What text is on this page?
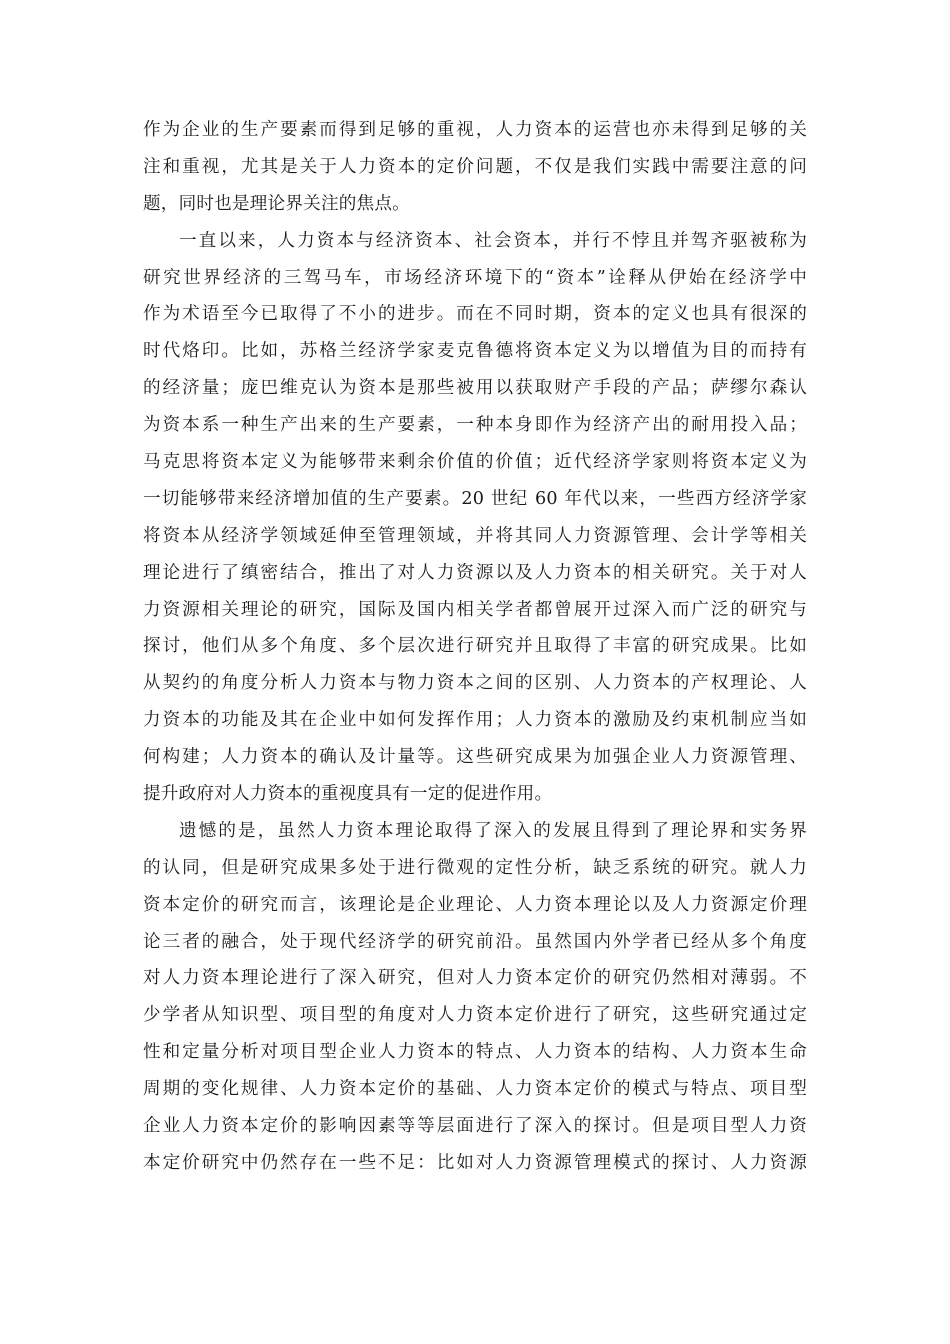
作为企业的生产要素而得到足够的重视，人力资本的运营也亦未得到足够的关
注和重视，尤其是关于人力资本的定价问题，不仅是我们实践中需要注意的问
题，同时也是理论界关注的焦点。
一直以来，人力资本与经济资本、社会资本，并行不悖且并驾齐驱被称为
研究世界经济的三驾马车，市场经济环境下的“资本”诠释从伊始在经济学中
作为术语至今已取得了不小的进步。而在不同时期，资本的定义也具有很深的
时代烙印。比如，苏格兰经济学家麦克鲁德将资本定义为以增值为目的而持有
的经济量；庞巴维克认为资本是那些被用以获取财产手段的产品；萨缪尔森认
为资本系一种生产出来的生产要素，一种本身即作为经济产出的耐用投入品；
马克思将资本定义为能够带来剩余价值的价值；近代经济学家则将资本定义为
一切能够带来经济增加值的生产要素。20 世纪 60 年代以来，一些西方经济学家
将资本从经济学领域延伸至管理领域，并将其同人力资源管理、会计学等相关
理论进行了缜密结合，推出了对人力资源以及人力资本的相关研究。关于对人
力资源相关理论的研究，国际及国内相关学者都曾展开过深入而广泛的研究与
探讨，他们从多个角度、多个层次进行研究并且取得了丰富的研究成果。比如
从契约的角度分析人力资本与物力资本之间的区别、人力资本的产权理论、人
力资本的功能及其在企业中如何发挥作用；人力资本的激励及约束机制应当如
何构建；人力资本的确认及计量等。这些研究成果为加强企业人力资源管理、
提升政府对人力资本的重视度具有一定的促进作用。
遗憾的是，虽然人力资本理论取得了深入的发展且得到了理论界和实务界
的认同，但是研究成果多处于进行微观的定性分析，缺乏系统的研究。就人力
资本定价的研究而言，该理论是企业理论、人力资本理论以及人力资源定价理
论三者的融合，处于现代经济学的研究前沿。虽然国内外学者已经从多个角度
对人力资本理论进行了深入研究，但对人力资本定价的研究仍然相对薄弱。不
少学者从知识型、项目型的角度对人力资本定价进行了研究，这些研究通过定
性和定量分析对项目型企业人力资本的特点、人力资本的结构、人力资本生命
周期的变化规律、人力资本定价的基础、人力资本定价的模式与特点、项目型
企业人力资本定价的影响因素等等层面进行了深入的探讨。但是项目型人力资
本定价研究中仍然存在一些不足：比如对人力资源管理模式的探讨、人力资源
